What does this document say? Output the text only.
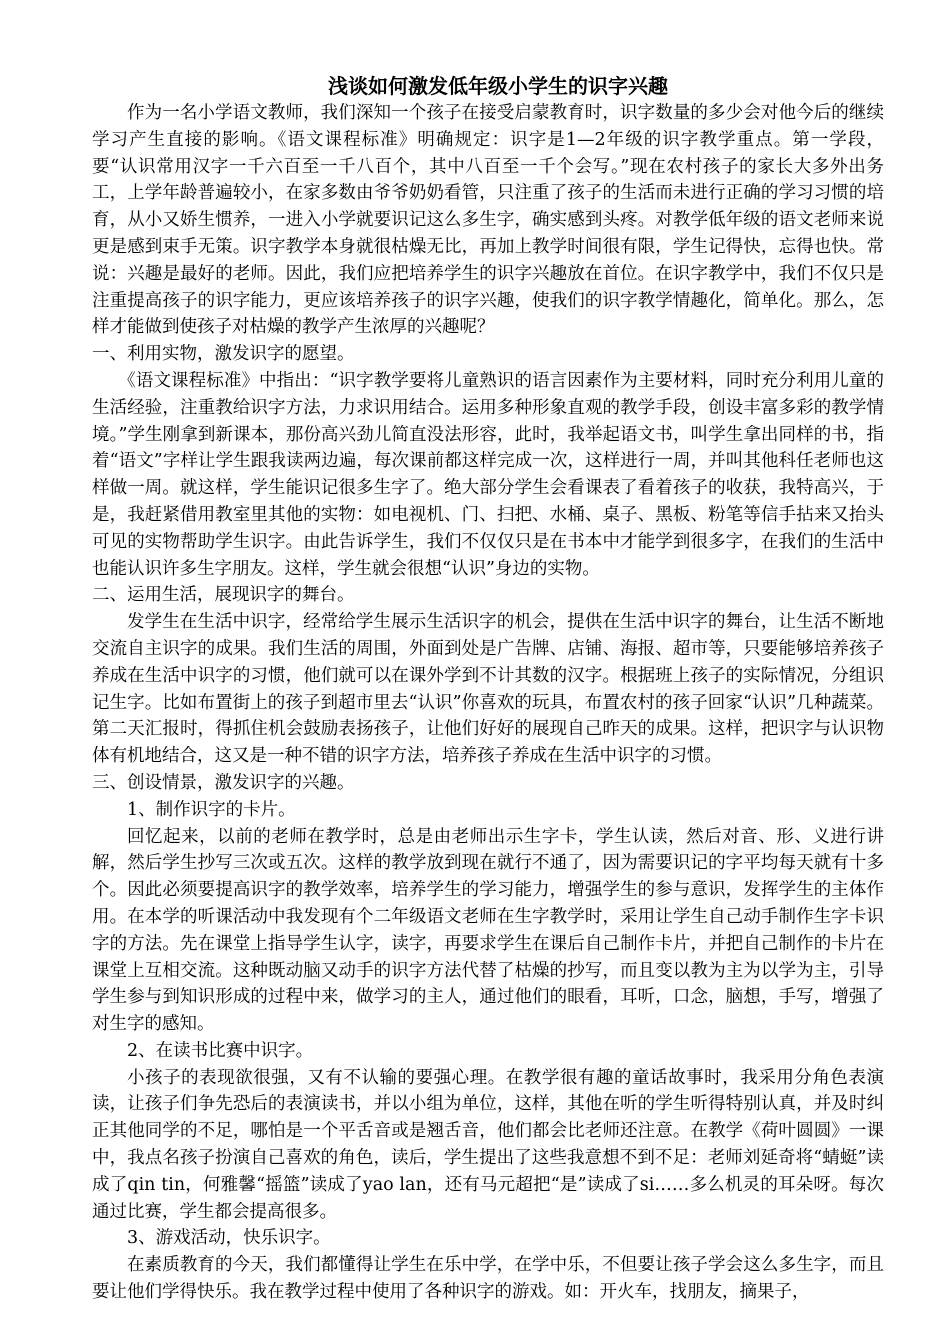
浅谈如何激发低年级小学生的识字兴趣

作为一名小学语文教师，我们深知一个孩子在接受启蒙教育时，识字数量的多少会对他今后的继续学习产生直接的影响。《语文课程标准》明确规定：识字是1—2年级的识字教学重点。第一学段，要“认识常用汉字一千六百至一千八百个，其中八百至一千个会写。”现在农村孩子的家长大多外出务工，上学年龄普遍较小，在家多数由爷爷奶奶看管，只注重了孩子的生活而未进行正确的学习习惯的培育，从小又娇生惯养，一进入小学就要识记这么多生字，确实感到头疼。对教学低年级的语文老师来说更是感到束手无策。识字教学本身就很枯燥无比，再加上教学时间很有限，学生记得快，忘得也快。常说：兴趣是最好的老师。因此，我们应把培养学生的识字兴趣放在首位。在识字教学中，我们不仅只是注重提高孩子的识字能力，更应该培养孩子的识字兴趣，使我们的识字教学情趣化，简单化。那么，怎样才能做到使孩子对枯燥的教学产生浓厚的兴趣呢？

一、利用实物，激发识字的愿望。

《语文课程标准》中指出：“识字教学要将儿童熟识的语言因素作为主要材料，同时充分利用儿童的生活经验，注重教给识字方法，力求识用结合。运用多种形象直观的教学手段，创设丰富多彩的教学情境。”学生刚拿到新课本，那份高兴劲儿简直没法形容，此时，我举起语文书，叫学生拿出同样的书，指着“语文”字样让学生跟我读两边遍，每次课前都这样完成一次，这样进行一周，并叫其他科任老师也这样做一周。就这样，学生能识记很多生字了。绝大部分学生会看课表了看着孩子的收获，我特高兴，于是，我赶紧借用教室里其他的实物：如电视机、门、扫把、水桶、桌子、黑板、粉笔等信手拈来又抬头可见的实物帮助学生识字。由此告诉学生，我们不仅仅只是在书本中才能学到很多字，在我们的生活中也能认识许多生字朋友。这样，学生就会很想“认识”身边的实物。

二、运用生活，展现识字的舞台。

发学生在生活中识字，经常给学生展示生活识字的机会，提供在生活中识字的舞台，让生活不断地交流自主识字的成果。我们生活的周围，外面到处是广告牌、店铺、海报、超市等，只要能够培养孩子养成在生活中识字的习惯，他们就可以在课外学到不计其数的汉字。根据班上孩子的实际情况，分组识记生字。比如布置街上的孩子到超市里去“认识”你喜欢的玩具，布置农村的孩子回家“认识”几种蔬菜。第二天汇报时，得抓住机会鼓励表扬孩子，让他们好好的展现自己昨天的成果。这样，把识字与认识物体有机地结合，这又是一种不错的识字方法，培养孩子养成在生活中识字的习惯。

三、创设情景，激发识字的兴趣。

1、制作识字的卡片。

回忆起来，以前的老师在教学时，总是由老师出示生字卡，学生认读，然后对音、形、义进行讲解，然后学生抄写三次或五次。这样的教学放到现在就行不通了，因为需要识记的字平均每天就有十多个。因此必须要提高识字的教学效率，培养学生的学习能力，增强学生的参与意识，发挥学生的主体作用。在本学的听课活动中我发现有个二年级语文老师在生字教学时，采用让学生自己动手制作生字卡识字的方法。先在课堂上指导学生认字，读字，再要求学生在课后自己制作卡片，并把自己制作的卡片在课堂上互相交流。这种既动脑又动手的识字方法代替了枯燥的抄写，而且变以教为主为以学为主，引导学生参与到知识形成的过程中来，做学习的主人，通过他们的眼看，耳听，口念，脑想，手写，增强了对生字的感知。

2、在读书比赛中识字。

小孩子的表现欲很强，又有不认输的要强心理。在教学很有趣的童话故事时，我采用分角色表演读，让孩子们争先恐后的表演读书，并以小组为单位，这样，其他在听的学生听得特别认真，并及时纠正其他同学的不足，哪怕是一个平舌音或是翘舌音，他们都会比老师还注意。在教学《荷叶圆圆》一课中，我点名孩子扮演自己喜欢的角色，读后，学生提出了这些我意想不到不足：老师刘延奇将“蜻蜓”读成了qin tin，何雅馨“摇篮”读成了yao lan，还有马元超把“是”读成了si……多么机灵的耳朵呀。每次通过比赛，学生都会提高很多。

3、游戏活动，快乐识字。

在素质教育的今天，我们都懂得让学生在乐中学，在学中乐，不但要让孩子学会这么多生字，而且要让他们学得快乐。我在教学过程中使用了各种识字的游戏。如：开火车，找朋友，摘果子，
